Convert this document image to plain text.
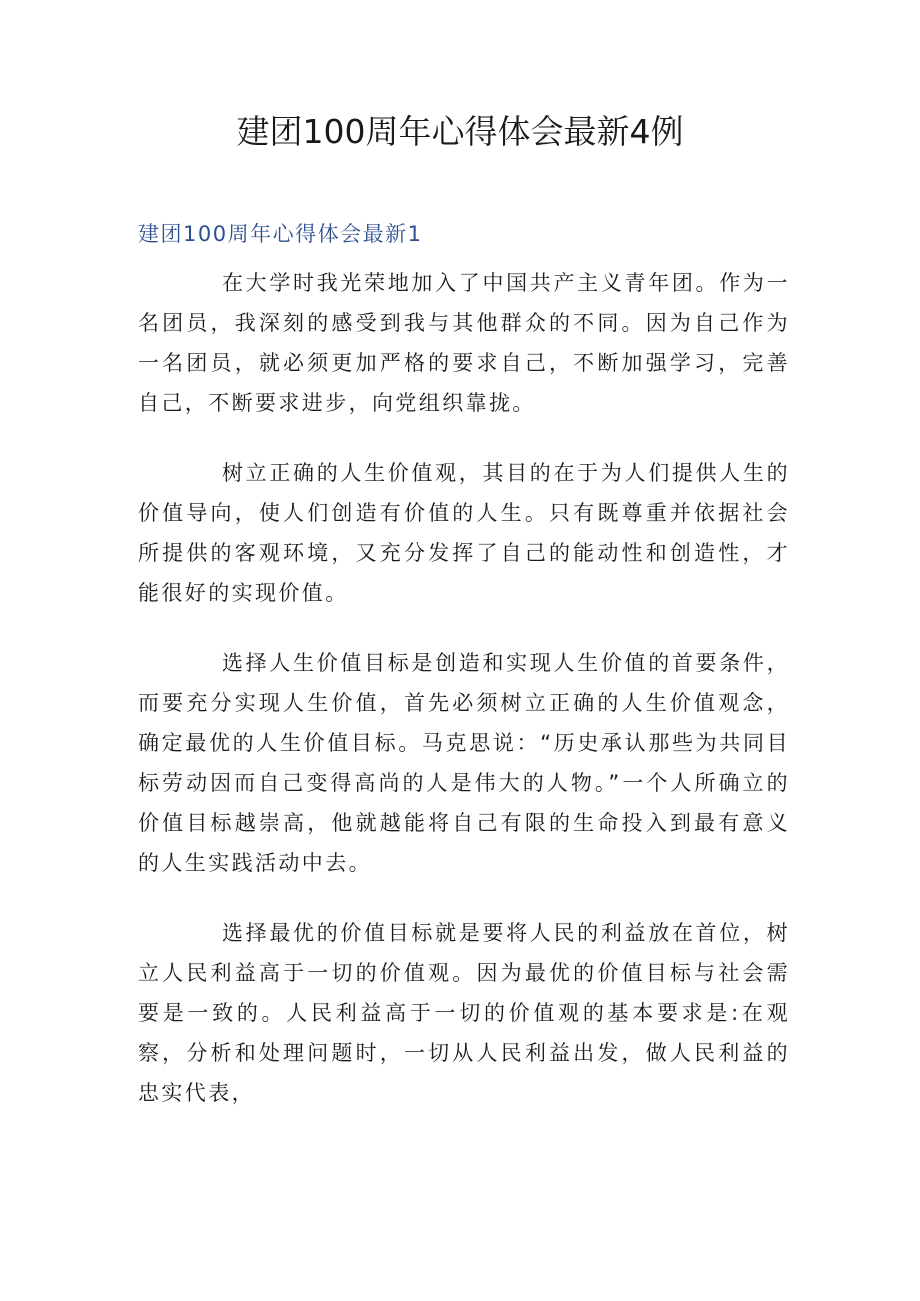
建团100周年心得体会最新4例
建团100周年心得体会最新1

在大学时我光荣地加入了中国共产主义青年团。作为一名团员，我深刻的感受到我与其他群众的不同。因为自己作为一名团员，就必须更加严格的要求自己，不断加强学习，完善自己，不断要求进步，向党组织靠拢。

树立正确的人生价值观，其目的在于为人们提供人生的价值导向，使人们创造有价值的人生。只有既尊重并依据社会所提供的客观环境，又充分发挥了自己的能动性和创造性，才能很好的实现价值。

选择人生价值目标是创造和实现人生价值的首要条件，而要充分实现人生价值，首先必须树立正确的人生价值观念，确定最优的人生价值目标。马克思说：“历史承认那些为共同目标劳动因而自己变得高尚的人是伟大的人物。”一个人所确立的价值目标越崇高，他就越能将自己有限的生命投入到最有意义的人生实践活动中去。

选择最优的价值目标就是要将人民的利益放在首位，树立人民利益高于一切的价值观。因为最优的价值目标与社会需要是一致的。人民利益高于一切的价值观的基本要求是:在观察，分析和处理问题时，一切从人民利益出发，做人民利益的忠实代表，
